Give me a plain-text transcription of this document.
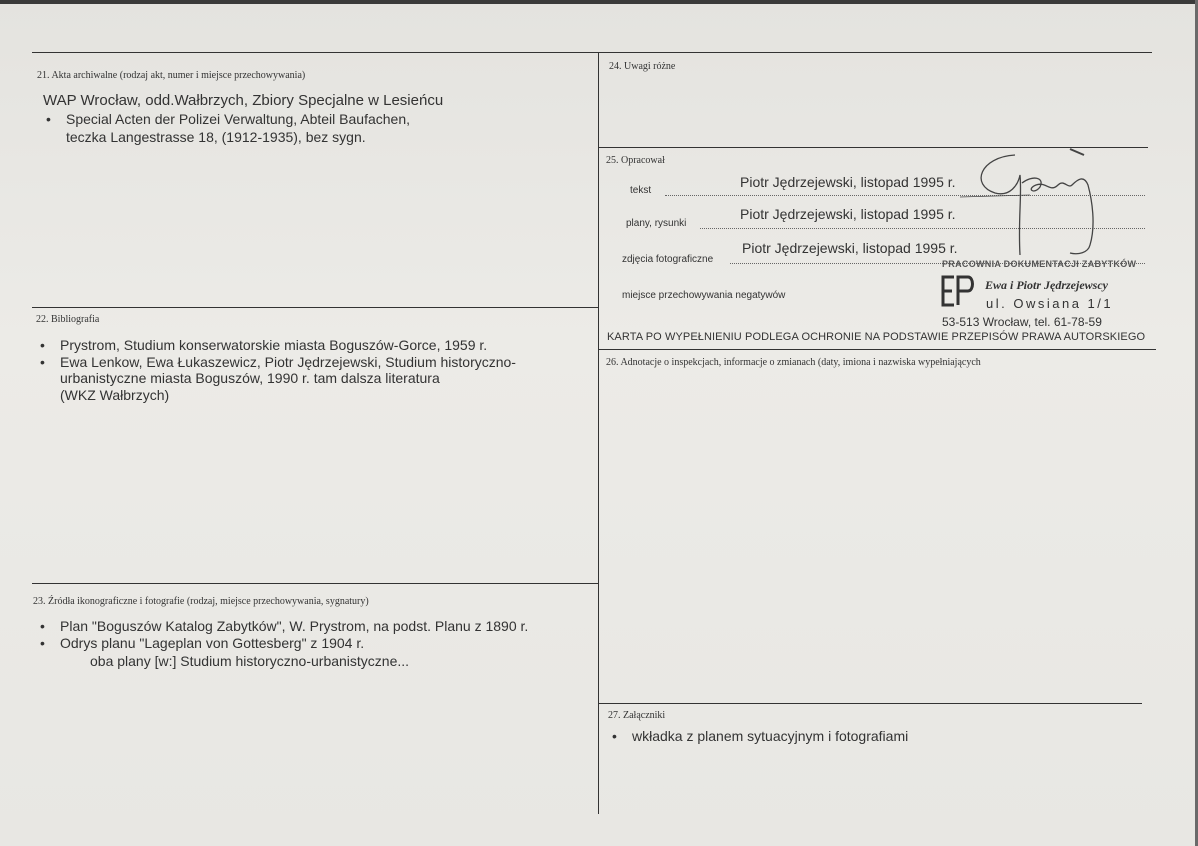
21. Akta archiwalne (rodzaj akt, numer i miejsce przechowywania)
WAP Wrocław, odd.Wałbrzych, Zbiory Specjalne w Lesieńcu
• Special Acten der Polizei Verwaltung, Abteil Baufachen,
teczka Langestrasse 18, (1912-1935), bez sygn.
22. Bibliografia
• Prystrom, Studium konserwatorskie miasta Boguszów-Gorce, 1959 r.
• Ewa Lenkow, Ewa Łukaszewicz, Piotr Jędrzejewski, Studium historyczno-
urbanistyczne miasta Boguszów, 1990 r. tam dalsza literatura
(WKZ Wałbrzych)
23. Źródła ikonograficzne i fotografie (rodzaj, miejsce przechowywania, sygnatury)
• Plan "Boguszów Katalog Zabytków", W. Prystrom, na podst. Planu z 1890 r.
• Odrys planu "Lageplan von Gottesberg" z 1904 r.
oba plany [w:] Studium historyczno-urbanistyczne...
24. Uwagi różne
25. Opracował
tekst
Piotr Jędrzejewski, listopad 1995 r.
plany, rysunki
Piotr Jędrzejewski, listopad 1995 r.
zdjęcia fotograficzne
Piotr Jędrzejewski, listopad 1995 r.
miejsce przechowywania negatywów
PRACOWNIA DOKUMENTACJI ZABYTKÓW
Ewa i Piotr Jędrzejewscy
ul. Owsiana 1/1
53-513 Wrocław, tel. 61-78-59
KARTA PO WYPEŁNIENIU PODLEGA OCHRONIE NA PODSTAWIE PRZEPISÓW PRAWA AUTORSKIEGO
26. Adnotacje o inspekcjach, informacje o zmianach (daty, imiona i nazwiska wypełniających
27. Załączniki
• wkładka z planem sytuacyjnym i fotografiami
